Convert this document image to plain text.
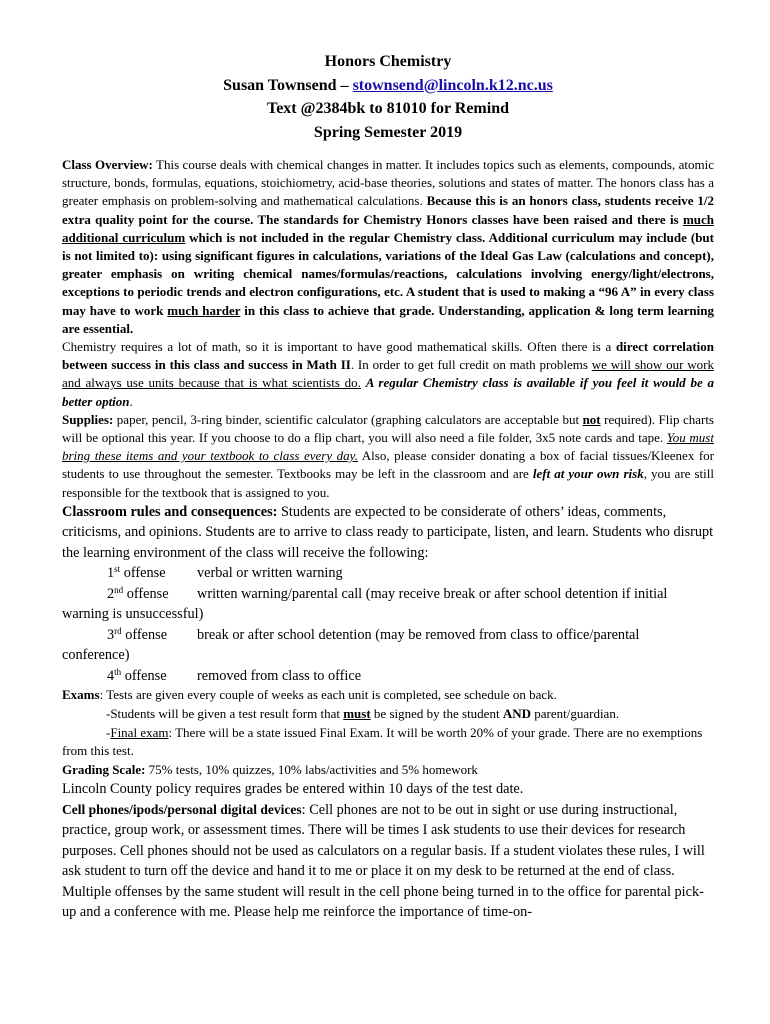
Honors Chemistry

Susan Townsend – stownsend@lincoln.k12.nc.us

Text @2384bk to 81010 for Remind

Spring Semester 2019

Class Overview: This course deals with chemical changes in matter. It includes topics such as elements, compounds, atomic structure, bonds, formulas, equations, stoichiometry, acid-base theories, solutions and states of matter. The honors class has a greater emphasis on problem-solving and mathematical calculations. Because this is an honors class, students receive 1/2 extra quality point for the course. The standards for Chemistry Honors classes have been raised and there is much additional curriculum which is not included in the regular Chemistry class. Additional curriculum may include (but is not limited to): using significant figures in calculations, variations of the Ideal Gas Law (calculations and concept), greater emphasis on writing chemical names/formulas/reactions, calculations involving energy/light/electrons, exceptions to periodic trends and electron configurations, etc. A student that is used to making a “96 A” in every class may have to work much harder in this class to achieve that grade. Understanding, application & long term learning are essential.

Chemistry requires a lot of math, so it is important to have good mathematical skills. Often there is a direct correlation between success in this class and success in Math II. In order to get full credit on math problems we will show our work and always use units because that is what scientists do. A regular Chemistry class is available if you feel it would be a better option.

Supplies: paper, pencil, 3-ring binder, scientific calculator (graphing calculators are acceptable but not required). Flip charts will be optional this year. If you choose to do a flip chart, you will also need a file folder, 3x5 note cards and tape. You must bring these items and your textbook to class every day. Also, please consider donating a box of facial tissues/Kleenex for students to use throughout the semester. Textbooks may be left in the classroom and are left at your own risk, you are still responsible for the textbook that is assigned to you.

Classroom rules and consequences: Students are expected to be considerate of others’ ideas, comments, criticisms, and opinions. Students are to arrive to class ready to participate, listen, and learn. Students who disrupt the learning environment of the class will receive the following:

1st offense verbal or written warning

2nd offense written warning/parental call (may receive break or after school detention if initial

warning is unsuccessful)

3rd offense break or after school detention (may be removed from class to office/parental

conference)

4th offense removed from class to office

Exams: Tests are given every couple of weeks as each unit is completed, see schedule on back.

-Students will be given a test result form that must be signed by the student AND parent/guardian.

-Final exam: There will be a state issued Final Exam. It will be worth 20% of your grade. There are no exemptions from this test.

Grading Scale: 75% tests, 10% quizzes, 10% labs/activities and 5% homework

Lincoln County policy requires grades be entered within 10 days of the test date.

Cell phones/ipods/personal digital devices: Cell phones are not to be out in sight or use during instructional, practice, group work, or assessment times. There will be times I ask students to use their devices for research purposes. Cell phones should not be used as calculators on a regular basis. If a student violates these rules, I will ask student to turn off the device and hand it to me or place it on my desk to be returned at the end of class. Multiple offenses by the same student will result in the cell phone being turned in to the office for parental pick-up and a conference with me. Please help me reinforce the importance of time-on-
